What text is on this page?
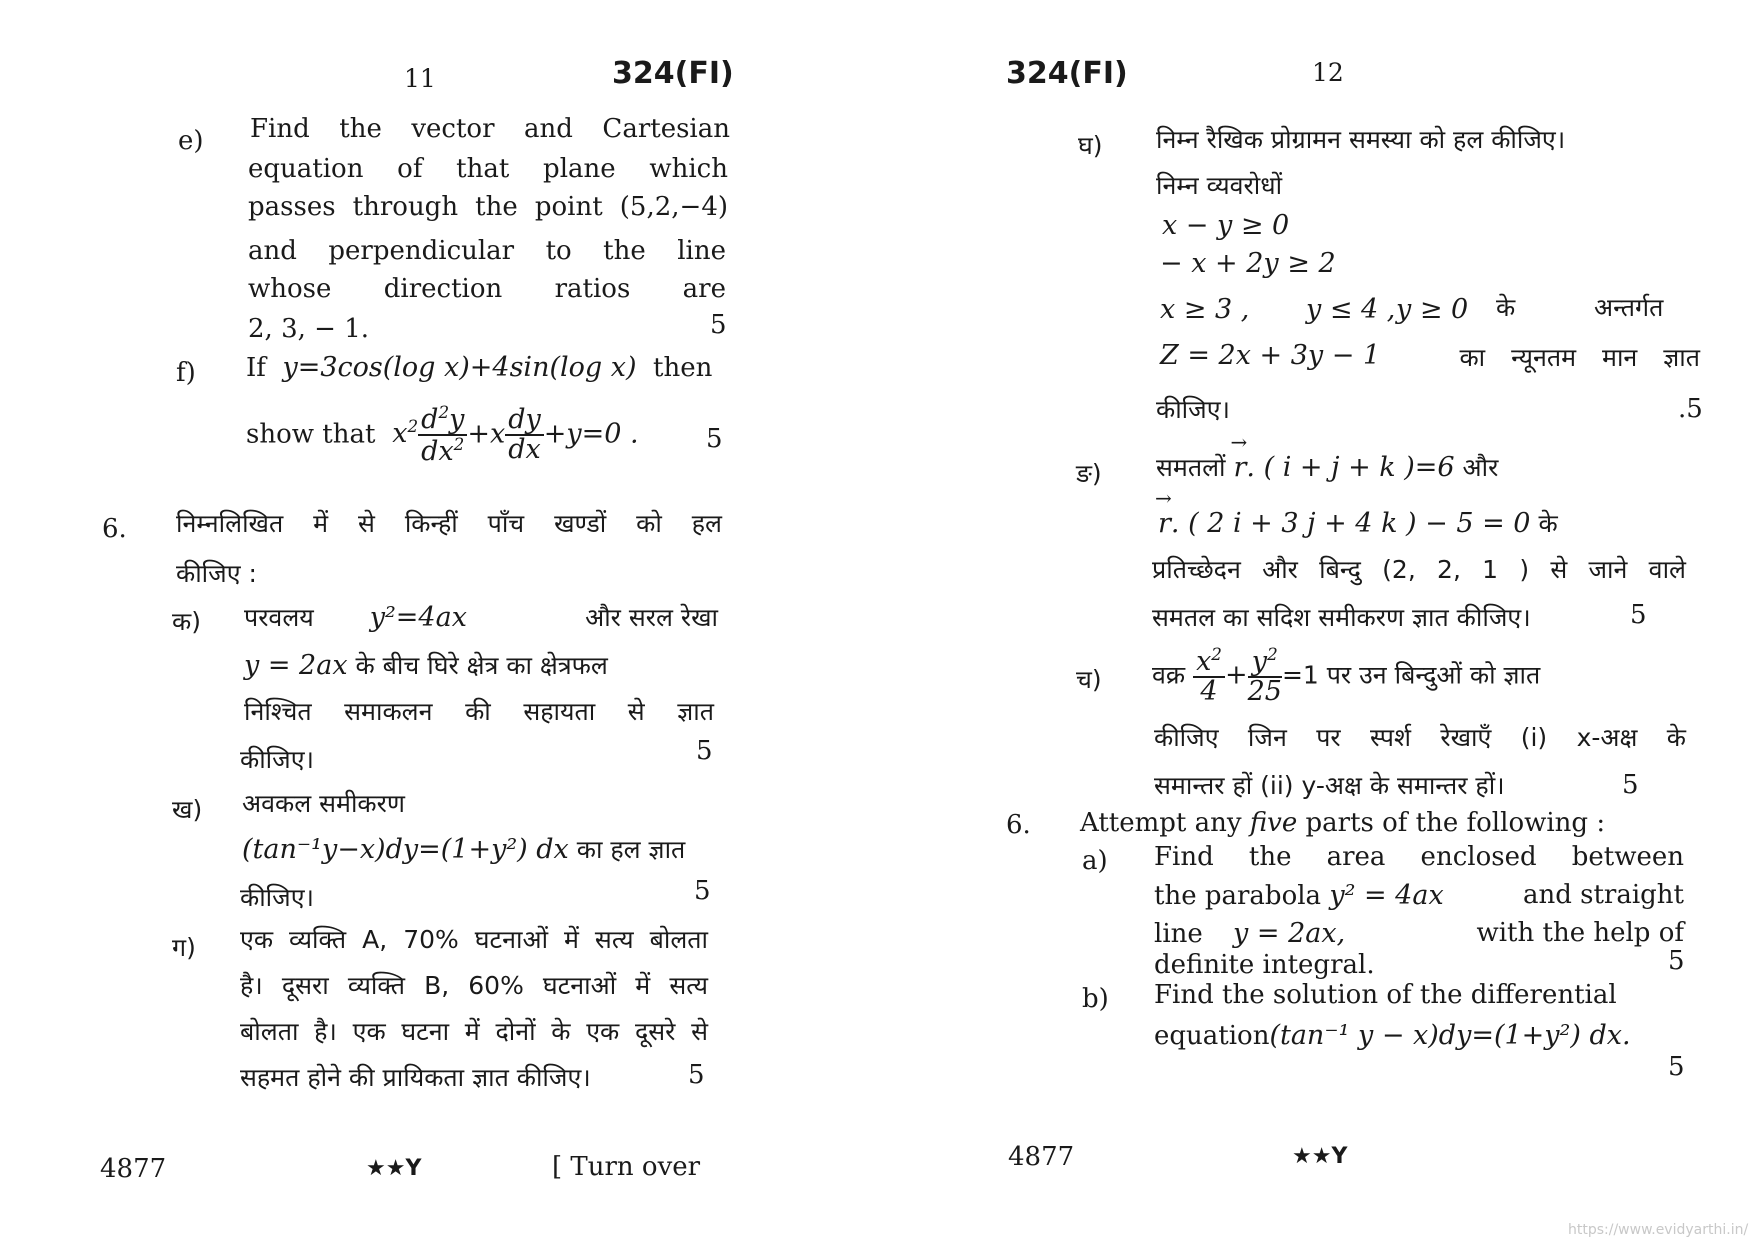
11	324(FI)
e) Find the vector and Cartesian
equation of that plane which
passes through the point (5,2,−4)
and perpendicular to the line
whose direction ratios are
2, 3, − 1.	5
f) If y=3cos(log x)+4sin(log x) then
show that  $x^2 \frac{d^2y}{dx^2} +x \frac{dy}{dx} +y=0$ .	5
6. निम्नलिखित में से किन्हीं पाँच खण्डों को हल
कीजिए :
क) परवलय y²=4ax	और सरल रेखा
y = 2ax के बीच घिरे क्षेत्र का क्षेत्रफल
निश्चित समाकलन की सहायता से ज्ञात
कीजिए।	5
ख) अवकल समीकरण
(tan⁻¹y−x)dy=(1+y²) dx का हल ज्ञात
कीजिए।	5
ग) एक व्यक्ति A, 70% घटनाओं में सत्य बोलता
है। दूसरा व्यक्ति B, 60% घटनाओं में सत्य
बोलता है। एक घटना में दोनों के एक दूसरे से
सहमत होने की प्रायिकता ज्ञात कीजिए।	5
4877	★★Y	[ Turn over
324(FI)	12
घ) निम्न रैखिक प्रोग्रामन समस्या को हल कीजिए।
निम्न व्यवरोधों
x − y ≥ 0
− x + 2y ≥ 2
x ≥ 3 , y ≤ 4 , y ≥ 0 के	अन्तर्गत
Z = 2x + 3y − 1	का न्यूनतम मान ज्ञात
कीजिए।	.5
ङ) समतलों → r. ( i + j + k )=6 और
→ r. ( 2 i + 3 j + 4 k ) − 5 = 0 के
प्रतिच्छेदन और बिन्दु (2, 2, 1 ) से जाने वाले
समतल का सदिश समीकरण ज्ञात कीजिए।	5
च) वक्र $\frac{x^2}{4} + \frac{y^2}{25} =1$ पर उन बिन्दुओं को ज्ञात
कीजिए जिन पर स्पर्श रेखाएँ (i) x-अक्ष के
समान्तर हों (ii) y-अक्ष के समान्तर हों।	5
6. Attempt any five parts of the following :
a) Find the area enclosed between
the parabola y² = 4ax	and straight
line y = 2ax,	with the help of
definite integral.	5
b) Find the solution of the differential
equation(tan⁻¹ y − x)dy=(1+y²) dx.
5
4877	★★Y
https://www.evidyarthi.in/
